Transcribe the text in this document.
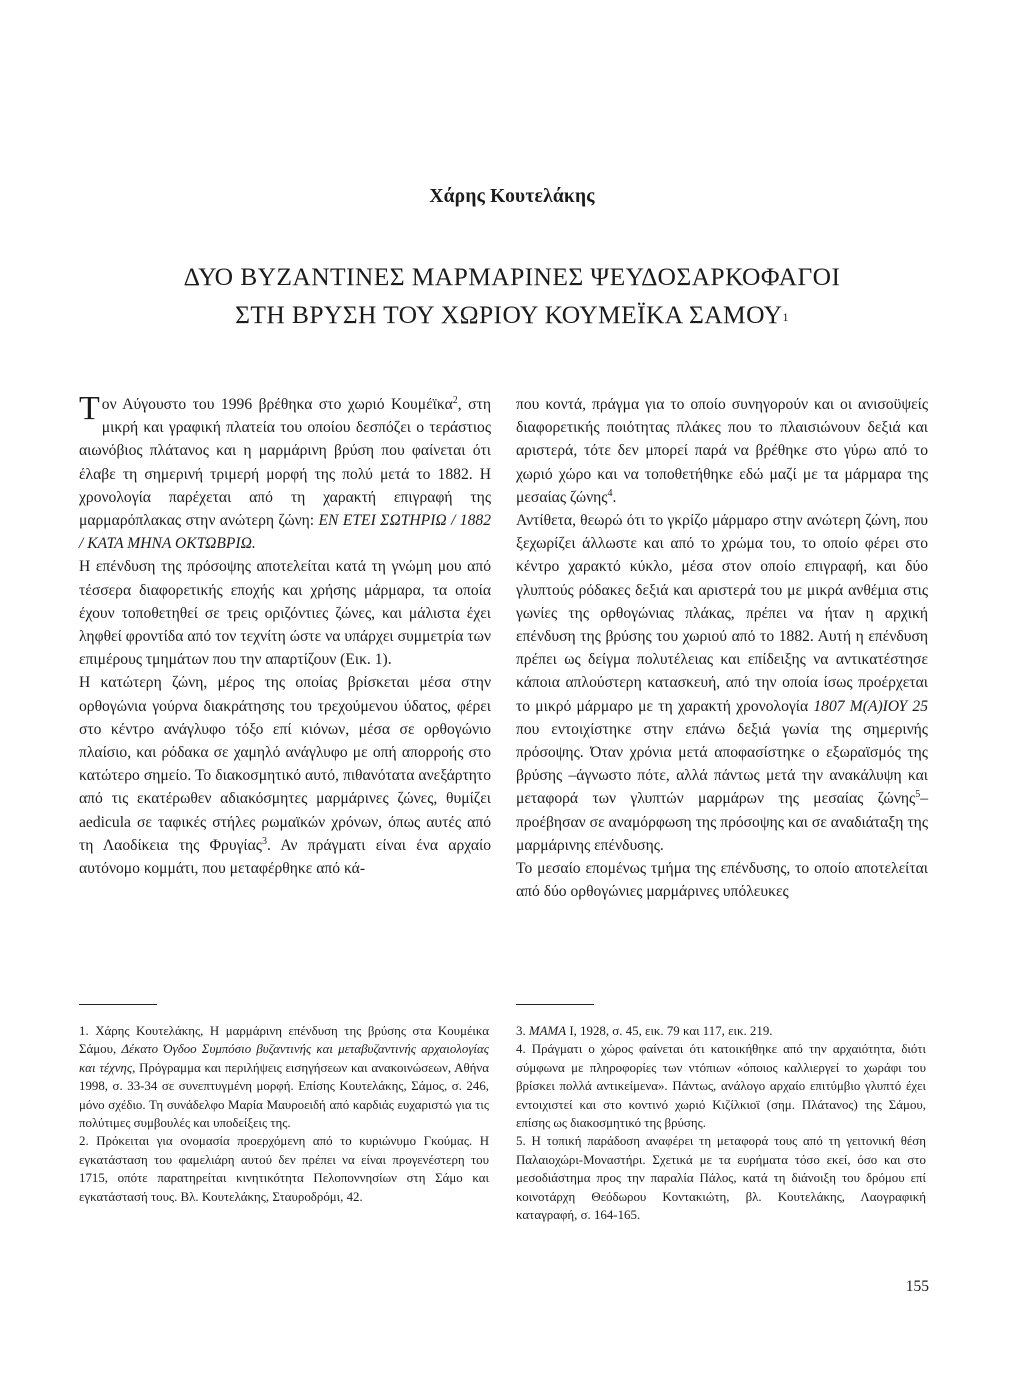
Χάρης Κουτελάκης
ΔΥΟ ΒΥΖΑΝΤΙΝΕΣ ΜΑΡΜΑΡΙΝΕΣ ΨΕΥΔΟΣΑΡΚΟΦΑΓΟΙ
ΣΤΗ ΒΡΥΣΗ ΤΟΥ ΧΩΡΙΟΥ ΚΟΥΜΕΪΚΑ ΣΑΜΟΥ$^1$

Τον Αύγουστο του 1996 βρέθηκα στο χωριό Κουμέϊκα$^2$, στη μικρή και γραφική πλατεία του οποίου δεσπόζει ο τεράστιος αιωνόβιος πλάτανος και η μαρμάρινη βρύση που φαίνεται ότι έλαβε τη σημερινή τριμερή μορφή της πολύ μετά το 1882. Η χρονολογία παρέχεται από τη χαρακτή επιγραφή της μαρμαρόπλακας στην ανώτερη ζώνη: ΕΝ ΕΤΕΙ ΣΩΤΗΡΙΩ / 1882 / ΚΑΤΑ ΜΗΝΑ ΟΚΤΩΒΡΙΩ.

Η επένδυση της πρόσοψης αποτελείται κατά τη γνώμη μου από τέσσερα διαφορετικής εποχής και χρήσης μάρμαρα, τα οποία έχουν τοποθετηθεί σε τρεις οριζόντιες ζώνες, και μάλιστα έχει ληφθεί φροντίδα από τον τεχνίτη ώστε να υπάρχει συμμετρία των επιμέρους τμημάτων που την απαρτίζουν (Εικ. 1).

Η κατώτερη ζώνη, μέρος της οποίας βρίσκεται μέσα στην ορθογώνια γούρνα διακράτησης του τρεχούμενου ύδατος, φέρει στο κέντρο ανάγλυφο τόξο επί κιόνων, μέσα σε ορθογώνιο πλαίσιο, και ρόδακα σε χαμηλό ανάγλυφο με οπή απορροής στο κατώτερο σημείο. Το διακοσμητικό αυτό, πιθανότατα ανεξάρτητο από τις εκατέρωθεν αδιακόσμητες μαρμάρινες ζώνες, θυμίζει aedicula σε ταφικές στήλες ρωμαϊκών χρόνων, όπως αυτές από τη Λαοδίκεια της Φρυγίας$^3$. Αν πράγματι είναι ένα αρχαίο αυτόνομο κομμάτι, που μεταφέρθηκε από κά-

που κοντά, πράγμα για το οποίο συνηγορούν και οι ανισοϋψείς διαφορετικής ποιότητας πλάκες που το πλαισιώνουν δεξιά και αριστερά, τότε δεν μπορεί παρά να βρέθηκε στο γύρω από το χωριό χώρο και να τοποθετήθηκε εδώ μαζί με τα μάρμαρα της μεσαίας ζώνης$^4$.

Αντίθετα, θεωρώ ότι το γκρίζο μάρμαρο στην ανώτερη ζώνη, που ξεχωρίζει άλλωστε και από το χρώμα του, το οποίο φέρει στο κέντρο χαρακτό κύκλο, μέσα στον οποίο επιγραφή, και δύο γλυπτούς ρόδακες δεξιά και αριστερά του με μικρά ανθέμια στις γωνίες της ορθογώνιας πλάκας, πρέπει να ήταν η αρχική επένδυση της βρύσης του χωριού από το 1882. Αυτή η επένδυση πρέπει ως δείγμα πολυτέλειας και επίδειξης να αντικατέστησε κάποια απλούστερη κατασκευή, από την οποία ίσως προέρχεται το μικρό μάρμαρο με τη χαρακτή χρονολογία 1807 Μ(Α)ΙΟΥ 25 που εντοιχίστηκε στην επάνω δεξιά γωνία της σημερινής πρόσοψης. Όταν χρόνια μετά αποφασίστηκε ο εξωραϊσμός της βρύσης –άγνωστο πότε, αλλά πάντως μετά την ανακάλυψη και μεταφορά των γλυπτών μαρμάρων της μεσαίας ζώνης$^5$– προέβησαν σε αναμόρφωση της πρόσοψης και σε αναδιάταξη της μαρμάρινης επένδυσης.

Το μεσαίο επομένως τμήμα της επένδυσης, το οποίο αποτελείται από δύο ορθογώνιες μαρμάρινες υπόλευκες

1. Χάρης Κουτελάκης, Η μαρμάρινη επένδυση της βρύσης στα Κουμέικα Σάμου, Δέκατο Όγδοο Συμπόσιο βυζαντινής και μεταβυζαντινής αρχαιολογίας και τέχνης, Πρόγραμμα και περιλήψεις εισηγήσεων και ανακοινώσεων, Αθήνα 1998, σ. 33-34 σε συνεπτυγμένη μορφή. Επίσης Κουτελάκης, Σάμος, σ. 246, μόνο σχέδιο. Τη συνάδελφο Μαρία Μαυροειδή από καρδιάς ευχαριστώ για τις πολύτιμες συμβουλές και υποδείξεις της.

2. Πρόκειται για ονομασία προερχόμενη από το κυριώνυμο Γκούμας. Η εγκατάσταση του φαμελιάρη αυτού δεν πρέπει να είναι προγενέστερη του 1715, οπότε παρατηρείται κινητικότητα Πελοποννησίων στη Σάμο και εγκατάστασή τους. Βλ. Κουτελάκης, Σταυροδρόμι, 42.

3. MAMA I, 1928, σ. 45, εικ. 79 και 117, εικ. 219.

4. Πράγματι ο χώρος φαίνεται ότι κατοικήθηκε από την αρχαιότητα, διότι σύμφωνα με πληροφορίες των ντόπιων «όποιος καλλιεργεί το χωράφι του βρίσκει πολλά αντικείμενα». Πάντως, ανάλογο αρχαίο επιτύμβιο γλυπτό έχει εντοιχιστεί και στο κοντινό χωριό Κιζίλκιοϊ (σημ. Πλάτανος) της Σάμου, επίσης ως διακοσμητικό της βρύσης.

5. Η τοπική παράδοση αναφέρει τη μεταφορά τους από τη γειτονική θέση Παλαιοχώρι-Μοναστήρι. Σχετικά με τα ευρήματα τόσο εκεί, όσο και στο μεσοδιάστημα προς την παραλία Πάλος, κατά τη διάνοιξη του δρόμου επί κοινοτάρχη Θεόδωρου Κοντακιώτη, βλ. Κουτελάκης, Λαογραφική καταγραφή, σ. 164-165.

155
